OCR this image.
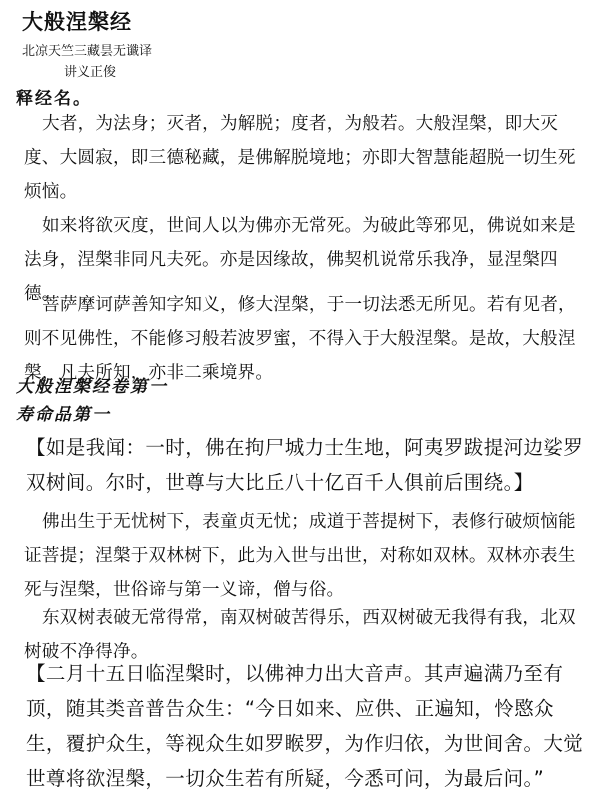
大般涅槃经
北凉天竺三藏昙无谶译
讲义正俊
释经名。

大者，为法身；灭者，为解脱；度者，为般若。大般涅槃，即大灭度、大圆寂，即三德秘藏，是佛解脱境地；亦即大智慧能超脱一切生死烦恼。

如来将欲灭度，世间人以为佛亦无常死。为破此等邪见，佛说如来是法身，涅槃非同凡夫死。亦是因缘故，佛契机说常乐我净，显涅槃四德。

菩萨摩诃萨善知字知义，修大涅槃，于一切法悉无所见。若有见者，则不见佛性，不能修习般若波罗蜜，不得入于大般涅槃。是故，大般涅槃，凡夫所知，亦非二乘境界。

大般涅槃经卷第一
寿命品第一

【如是我闻：一时，佛在拘尸城力士生地，阿夷罗跋提河边娑罗双树间。尔时，世尊与大比丘八十亿百千人俱前后围绕。】

佛出生于无忧树下，表童贞无忧；成道于菩提树下，表修行破烦恼能证菩提；涅槃于双林树下，此为入世与出世，对称如双林。双林亦表生死与涅槃，世俗谛与第一义谛，僧与俗。

东双树表破无常得常，南双树破苦得乐，西双树破无我得有我，北双树破不净得净。

【二月十五日临涅槃时，以佛神力出大音声。其声遍满乃至有顶，随其类音普告众生：“今日如来、应供、正遍知，怜愍众生，覆护众生，等视众生如罗睺罗，为作归依，为世间舍。大觉世尊将欲涅槃，一切众生若有所疑，今悉可问，为最后问。”
